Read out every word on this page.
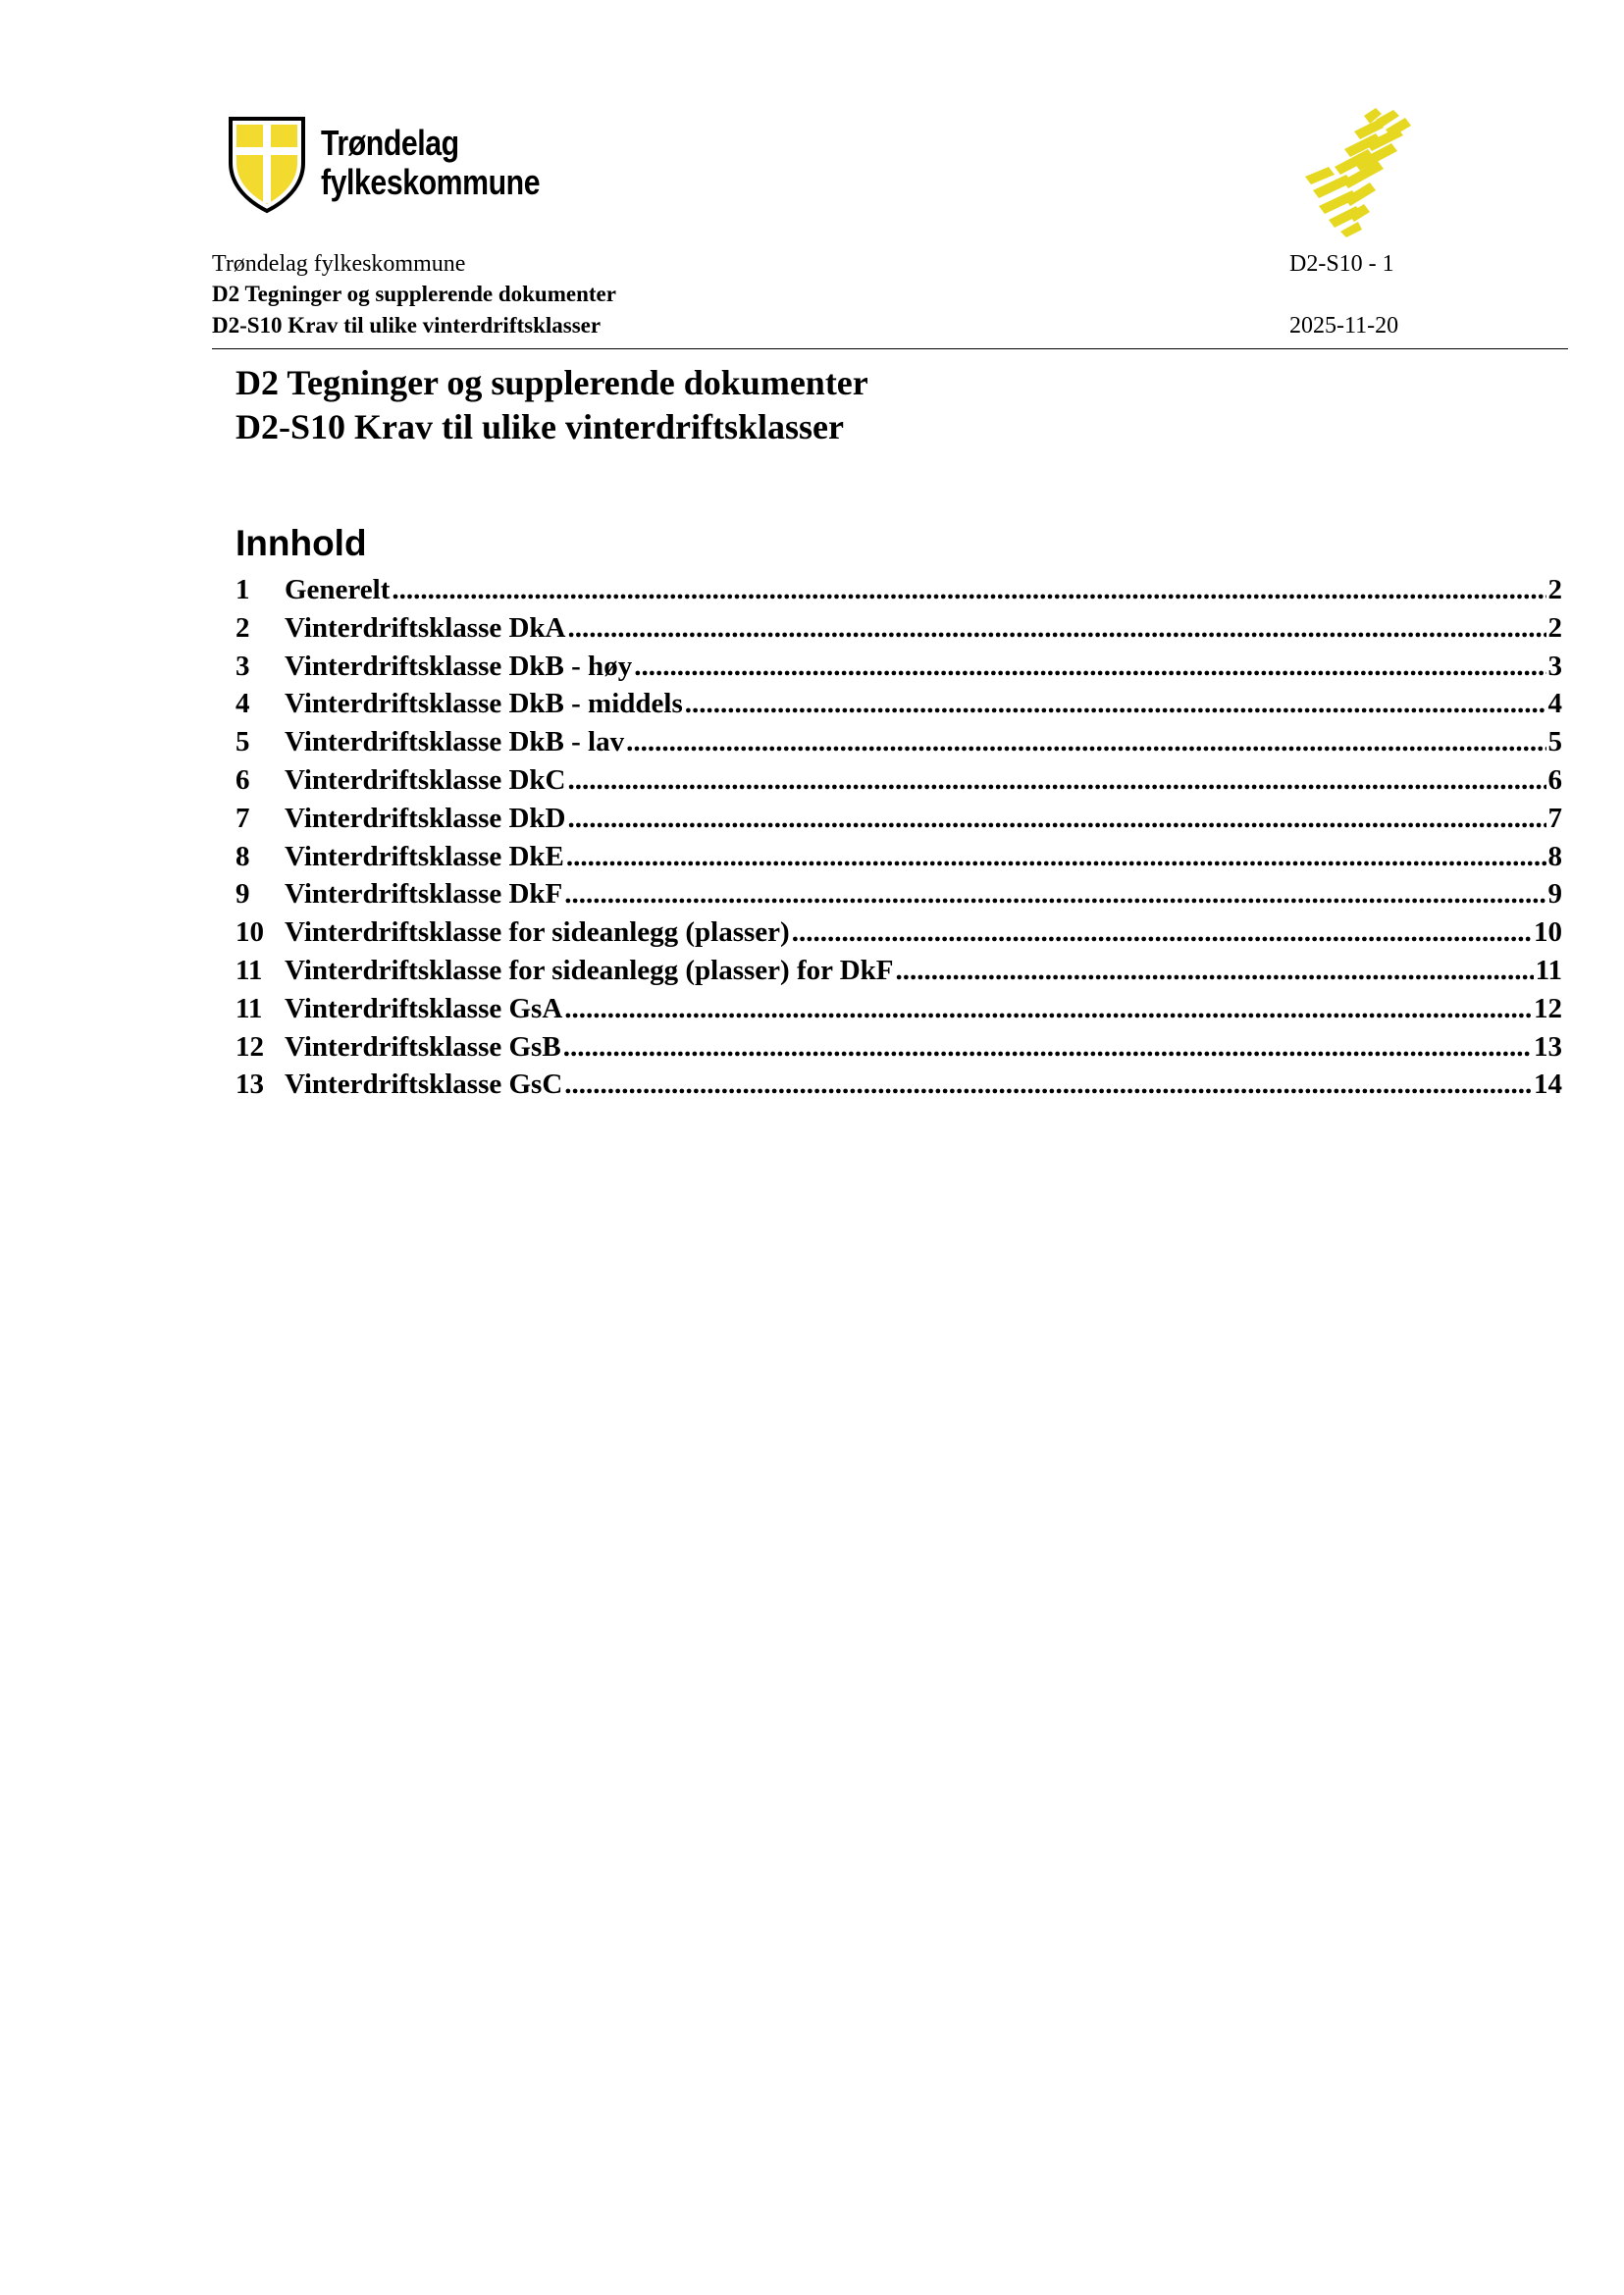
Trøndelag
fylkeskommune
Trøndelag fylkeskommune
D2 Tegninger og supplerende dokumenter
D2-S10 Krav til ulike vinterdriftsklasser
D2-S10 - 1
2025-11-20
D2 Tegninger og supplerende dokumenter
D2-S10 Krav til ulike vinterdriftsklasser
Innhold
1	Generelt .....	2
2	Vinterdriftsklasse DkA .....	2
3	Vinterdriftsklasse DkB - høy .....	3
4	Vinterdriftsklasse DkB - middels .....	4
5	Vinterdriftsklasse DkB - lav .....	5
6	Vinterdriftsklasse DkC .....	6
7	Vinterdriftsklasse DkD .....	7
8	Vinterdriftsklasse DkE .....	8
9	Vinterdriftsklasse DkF .....	9
10 Vinterdriftsklasse for sideanlegg (plasser) .....	10
11 Vinterdriftsklasse for sideanlegg (plasser) for DkF .....	11
11 Vinterdriftsklasse GsA .....	12
12 Vinterdriftsklasse GsB .....	13
13 Vinterdriftsklasse GsC .....	14
